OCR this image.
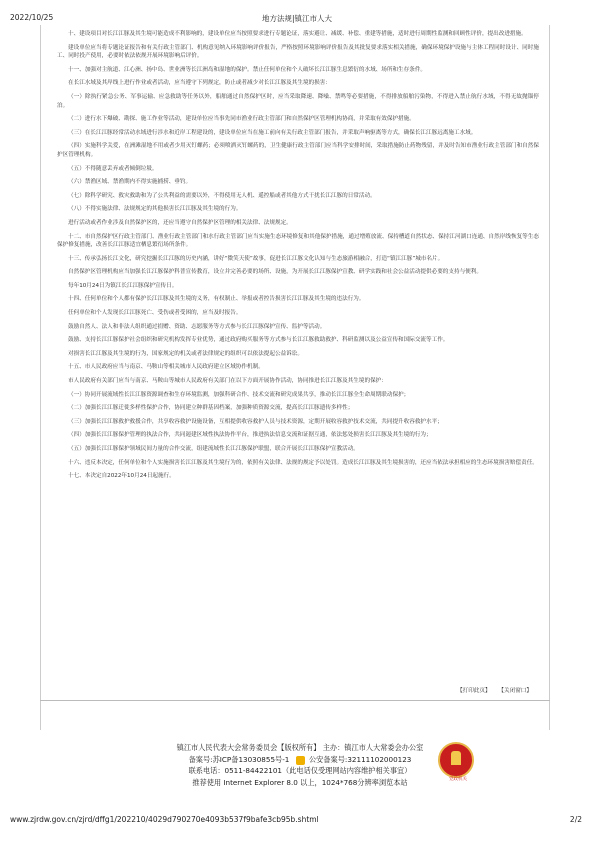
2022/10/25	地方法规|镇江市人大

十、建设项目对长江江豚及其生境可能造成不利影响的，建设单位应当按照要求进行专题论证，落实避让、减缓、补偿、重建等措施，适时进行周期性监测和回顾性评价，提出改进措施。

建设单位应当将专题论证报告和有关行政主管部门、机构意见纳入环境影响评价报告，严格按照环境影响评价报告及其批复要求落实相关措施，确保环境保护设施与主体工程同时设计、同时施工、同时投产使用，必要时依法依规开展环境影响后评价。

十一、加强对主航道、江心洲、扬中岛、世业洲等长江洲岛和湿地的保护。禁止任何单位和个人破坏长江江豚生息繁衍的水域、场所和生存条件。

在长江水域及其岸线上进行作业或者活动，应当遵守下列规定，防止或者减少对长江江豚及其生境的损害：

（一）除执行紧急公务、军事运输、应急救助等任务以外，船舶通过自然保护区时，应当采取降速、降噪、禁鸣等必要措施，不得排放船舶污染物，不得进入禁止航行水域，不得无故抛锚停泊。

（二）进行水下爆破、勘探、施工作业等活动，建设单位应当事先同市渔业行政主管部门和自然保护区管理机构协商，并采取有效保护措施。

（三）在长江江豚经常活动水域进行涉水和近岸工程建设的，建设单位应当在施工前向有关行政主管部门报告，并采取声响驱离等方式，确保长江江豚远离施工水域。

（四）实施科学关爱，在洲滩湿地不用或者少用灭钉螺药；必须喷洒灭钉螺药的，卫生健康行政主管部门应当科学安排时间，采取措施防止药物残留，并及时告知市渔业行政主管部门和自然保护区管理机构。

（五）不得随意丢弃或者倾倒垃圾。

（六）禁渔区域、禁渔期内不得实施捕捞、垂钓。

（七）除科学研究、救灾救助和为了公共利益的需要以外，不得使用无人机、遥控船或者其他方式干扰长江江豚的日常活动。

（八）不得实施法律、法规规定的其他损害长江江豚及其生境的行为。

进行活动或者作业涉及自然保护区的，还应当遵守自然保护区管理的相关法律、法规规定。

十二、市自然保护区行政主管部门、渔业行政主管部门和水行政主管部门应当实施生态环境修复和其他保护措施，通过增殖放流、保持槽道自然状态、保持江河湖口连通、自然岸线恢复等生态保护修复措施，改善长江江豚适宜栖息繁衍场所条件。

十三、传承弘扬长江文化，研究挖掘长江江豚的历史内涵，讲好“微笑天使”故事，促进长江江豚文化认知与生态旅游相融合，打造“镇江江豚”城市名片。

自然保护区管理机构应当加强长江江豚保护科普宣传教育，设立并完善必要的场所、设施，为开展长江江豚保护宣教、研学实践和社会公益活动提供必要的支持与便利。

每年10月24日为镇江长江江豚保护宣传日。

十四、任何单位和个人都有保护长江江豚及其生境的义务，有权制止、举报或者控告损害长江江豚及其生境的违法行为。

任何单位和个人发现长江江豚死亡、受伤或者受困的，应当及时报告。

鼓励自然人、法人和非法人组织通过捐赠、资助、志愿服务等方式参与长江江豚保护宣传、监护等活动。

鼓励、支持长江江豚保护社会组织和研究机构发挥专业优势，通过政府购买服务等方式参与长江江豚救助救护、科研监测以及公益宣传和国际交流等工作。

对损害长江江豚及其生境的行为，国家规定的机关或者法律规定的组织可以依法提起公益诉讼。

十五、市人民政府应当与南京、马鞍山等相关城市人民政府建立区域协作机制。

市人民政府有关部门应当与南京、马鞍山等城市人民政府有关部门在以下方面开展协作活动，协同推进长江江豚及其生境的保护：

（一）协同开展流域性长江江豚资源调查和生存环境监测，加强科研合作、技术交流和研究成果共享，推动长江江豚全生命周期联动保护；

（二）加强长江江豚迁徙多样性保护合作，协同建立种群基因档案，加强种质资源交流，提高长江江豚遗传多样性；

（三）加强长江江豚救护救援合作，共享收容救护设施设备，互相提供收容救护人员与技术资源，定期开展收容救护技术交流，共同提升收容救护水平；

（四）加强长江江豚保护管理的执法合作，共同遏建区域性执法协作平台，推进执法信息交流和证据互通，依法惩处损害长江江豚及其生境的行为；

（五）加强长江江豚保护领域民间力量的合作交流，组建流域性长江江豚保护联盟，联合开展长江江豚保护宣教活动。

十六、违反本决定，任何单位和个人实施损害长江江豚及其生境行为的，依照有关法律、法规的规定予以处罚。造成长江江豚及其生境损害的，还应当依法承担相应的生态环境损害赔偿责任。

十七、本决定自2022年10月24日起施行。

【打印此页】 【关闭窗口】
镇江市人民代表大会常务委员会【版权所有】 主办：镇江市人大常委会办公室
备案号:苏ICP备13030855号-1	公安备案号:32111102000123
联系电话：0511-84422101（此电话仅受理网站内容维护相关事宜）
推荐使用 Internet Explorer 8.0 以上，1024*768分辨率浏览本站	党政机关
www.zjrdw.gov.cn/zjrd/dffg1/202210/4029d790270e4093b537f9bafe3cb95b.shtml	2/2
